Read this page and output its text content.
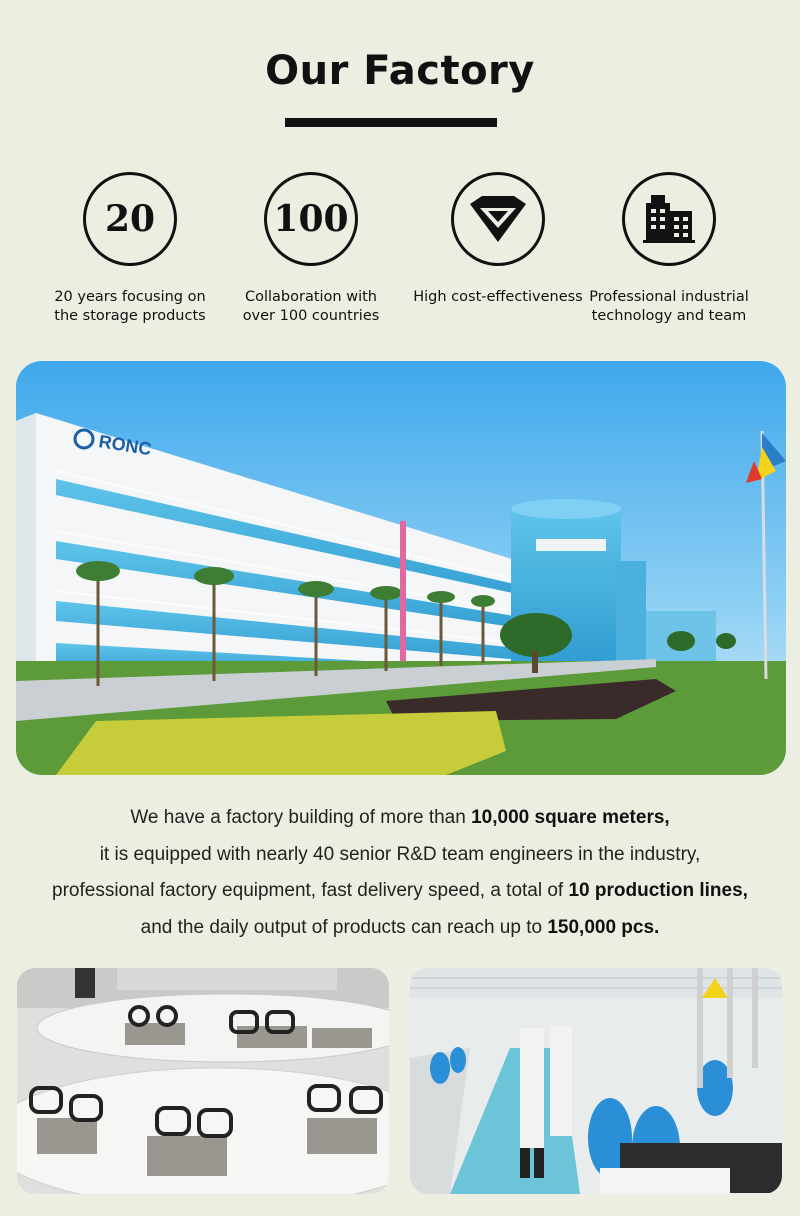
Our Factory
20
20 years focusing on
the storage products
100
Collaboration with
over 100 countries
High cost-effectiveness Professional industrial
technology and team
RONC
We have a factory building of more than 10,000 square meters,
it is equipped with nearly 40 senior R&D team engineers in the industry,
professional factory equipment, fast delivery speed, a total of 10 production lines,
and the daily output of products can reach up to 150,000 pcs.
